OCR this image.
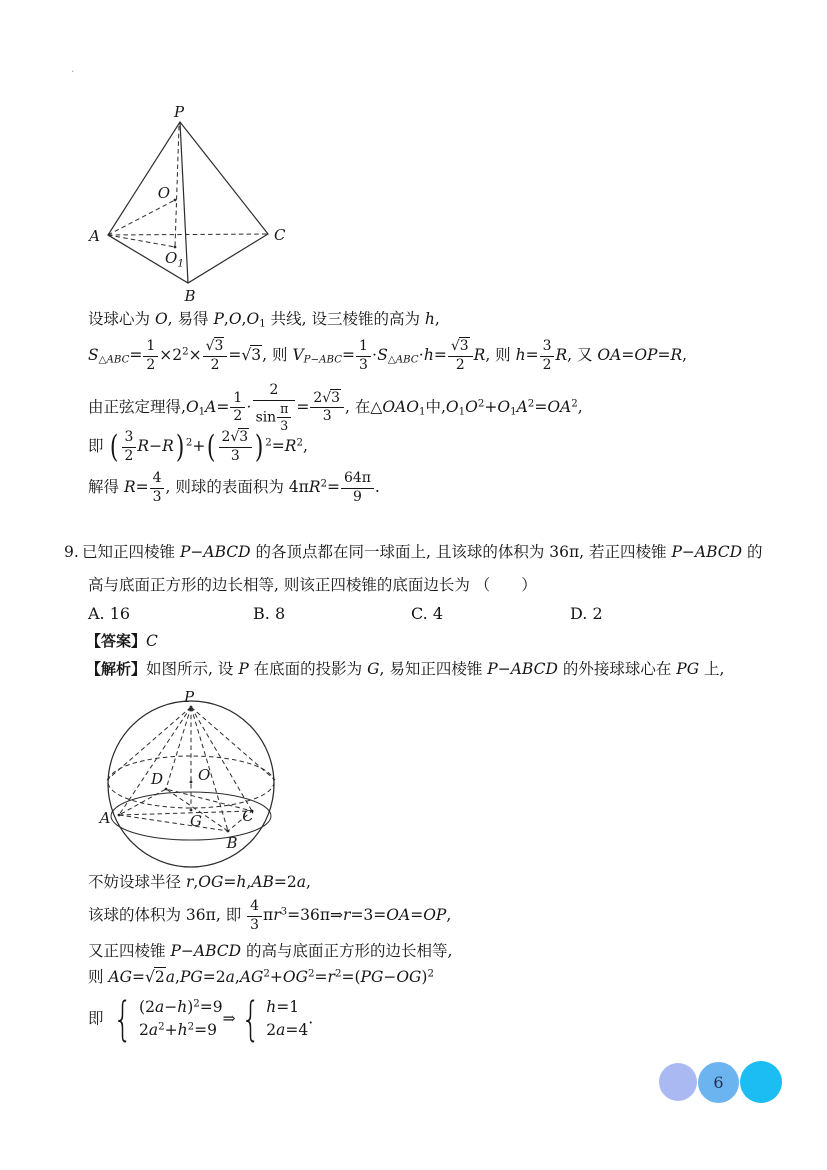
.
P
O
A	C
B
$O_1$
设球心为 O, 易得 $P,O,O_1$ 共线, 设三棱锥的高为 h,
$S_{\triangle ABC}= \frac{1}{2} \times 2^2\times \frac{√3}{2} =√3$, 则 $V_{P-ABC}= \frac{1}{3} \cdot S_{\triangle ABC}\cdot h= \frac{√3}{2} R$, 则 $h= \frac{3}{2} R$, 又 OA=OP=R,
由正弦定理得$,O_1A= \frac{1}{2} \cdot \frac{2}{\sin \frac{\pi}{3}} = \frac{2√3}{3}$ , 在$\triangle OAO_1$中$,O_1O^2+O_1A^2=OA^2$,
即 ( $\frac{3}{2}$ R − R ) $^2$+ ( $\frac{2√3}{3}$ ) $^2=R^2$,
解得 $R= \frac{4}{3}$ , 则球的表面积为 $4\pi R^2= \frac{64\pi}{9}$ .
9. 已知正四棱锥 P−ABCD 的各顶点都在同一球面上, 且该球的体积为 36π, 若正四棱锥 P−ABCD 的
高与底面正方形的边长相等, 则该正四棱锥的底面边长为 （　　）
A. 16	B. 8	C. 4	D. 2
【答案】C
【解析】如图所示, 设 P 在底面的投影为 G, 易知正四棱锥 P−ABCD 的外接球球心在 PG 上,
P
O
D
A	G	C
B
不妨设球半径 r,OG=h,AB=2a,
该球的体积为 36π, 即 $\frac{4}{3}$ $\pi r^3=36\pi\Rightarrow r=3=OA=OP$,
又正四棱锥 P−ABCD 的高与底面正方形的边长相等,
则 $AG=√2a,PG=2a,AG^2+OG^2=r^2=(PG-OG)^2$
即 { $(2a-h)^2=9$
$2a^2+h^2=9$
⇒ { h=1
2a=4
.
6
